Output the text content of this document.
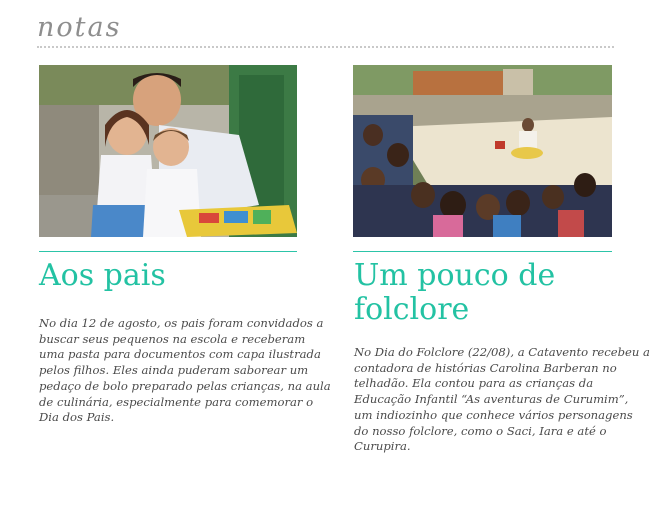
notas
Aos pais	Um pouco de folclore

No dia 12 de agosto, os pais foram convidados a buscar seus pequenos na escola e receberam uma pasta para documentos com capa ilustrada pelos filhos. Eles ainda puderam saborear um pedaço de bolo preparado pelas crianças, na aula de culinária, especialmente para comemorar o Dia dos Pais.

No Dia do Folclore (22/08), a Catavento recebeu a contadora de histórias Carolina Barberan no telhadão. Ela contou para as crianças da Educação Infantil “As aventuras de Curumim”, um indiozinho que conhece vários personagens do nosso folclore, como o Saci, Iara e até o Curupira.
